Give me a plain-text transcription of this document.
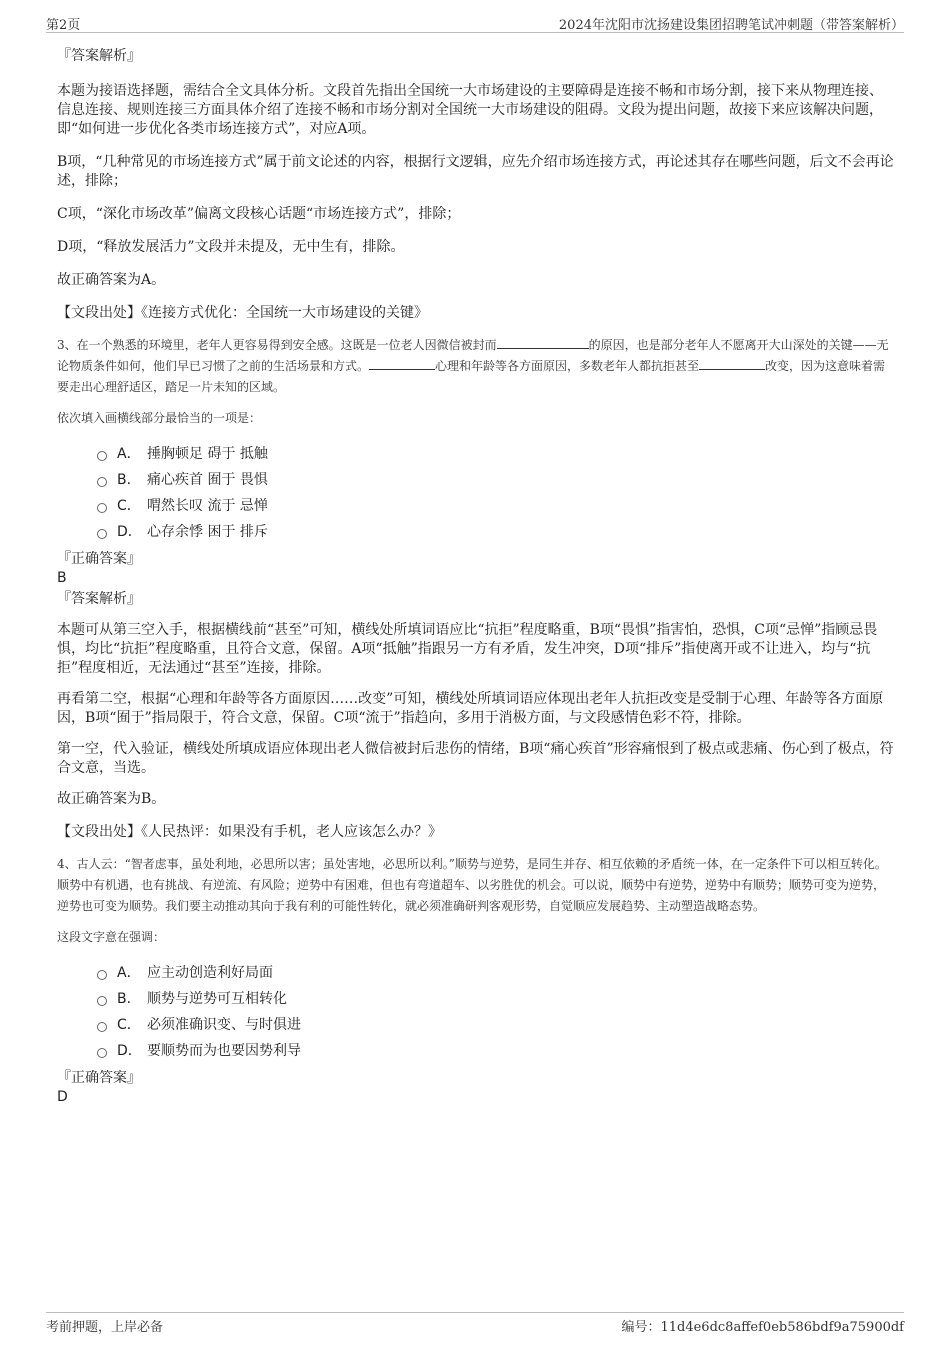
第2页	2024年沈阳市沈扬建设集团招聘笔试冲刺题（带答案解析）

『答案解析』

本题为接语选择题，需结合全文具体分析。文段首先指出全国统一大市场建设的主要障碍是连接不畅和市场分割，接下来从物理连接、信息连接、规则连接三方面具体介绍了连接不畅和市场分割对全国统一大市场建设的阻碍。文段为提出问题，故接下来应该解决问题，即“如何进一步优化各类市场连接方式”，对应A项。

B项，“几种常见的市场连接方式”属于前文论述的内容，根据行文逻辑，应先介绍市场连接方式，再论述其存在哪些问题，后文不会再论述，排除；

C项，“深化市场改革”偏离文段核心话题“市场连接方式”，排除；

D项，“释放发展活力”文段并未提及，无中生有，排除。

故正确答案为A。

【文段出处】《连接方式优化：全国统一大市场建设的关键》

3、在一个熟悉的环境里，老年人更容易得到安全感。这既是一位老人因微信被封而	的原因，也是部分老年人不愿离开大山深处的关键——无论物质条件如何，他们早已习惯了之前的生活场景和方式。	心理和年龄等各方面原因，多数老年人都抗拒甚至	改变，因为这意味着需要走出心理舒适区，踏足一片未知的区域。

依次填入画横线部分最恰当的一项是：

A． 捶胸顿足 碍于 抵触
B． 痛心疾首 囿于 畏惧
C． 喟然长叹 流于 忌惮
D． 心存余悸 困于 排斥

『正确答案』

B

『答案解析』

本题可从第三空入手，根据横线前“甚至”可知，横线处所填词语应比“抗拒”程度略重，B项“畏惧”指害怕，恐惧，C项“忌惮”指顾忌畏惧，均比“抗拒”程度略重，且符合文意，保留。A项“抵触”指跟另一方有矛盾，发生冲突，D项“排斥”指使离开或不让进入，均与“抗拒”程度相近，无法通过“甚至”连接，排除。

再看第二空，根据“心理和年龄等各方面原因……改变”可知，横线处所填词语应体现出老年人抗拒改变是受制于心理、年龄等各方面原因，B项“囿于”指局限于，符合文意，保留。C项“流于”指趋向，多用于消极方面，与文段感情色彩不符，排除。

第一空，代入验证，横线处所填成语应体现出老人微信被封后悲伤的情绪，B项“痛心疾首”形容痛恨到了极点或悲痛、伤心到了极点，符合文意，当选。

故正确答案为B。

【文段出处】《人民热评：如果没有手机，老人应该怎么办？》

4、古人云：“智者虑事，虽处利地，必思所以害；虽处害地，必思所以利。”顺势与逆势，是同生并存、相互依赖的矛盾统一体，在一定条件下可以相互转化。顺势中有机遇，也有挑战、有逆流、有风险；逆势中有困难，但也有弯道超车、以劣胜优的机会。可以说，顺势中有逆势，逆势中有顺势；顺势可变为逆势，逆势也可变为顺势。我们要主动推动其向于我有利的可能性转化，就必须准确研判客观形势，自觉顺应发展趋势、主动塑造战略态势。

这段文字意在强调：

A． 应主动创造利好局面
B． 顺势与逆势可互相转化
C． 必须准确识变、与时俱进
D． 要顺势而为也要因势利导

『正确答案』

D

考前押题，上岸必备	编号：11d4e6dc8affef0eb586bdf9a75900df
